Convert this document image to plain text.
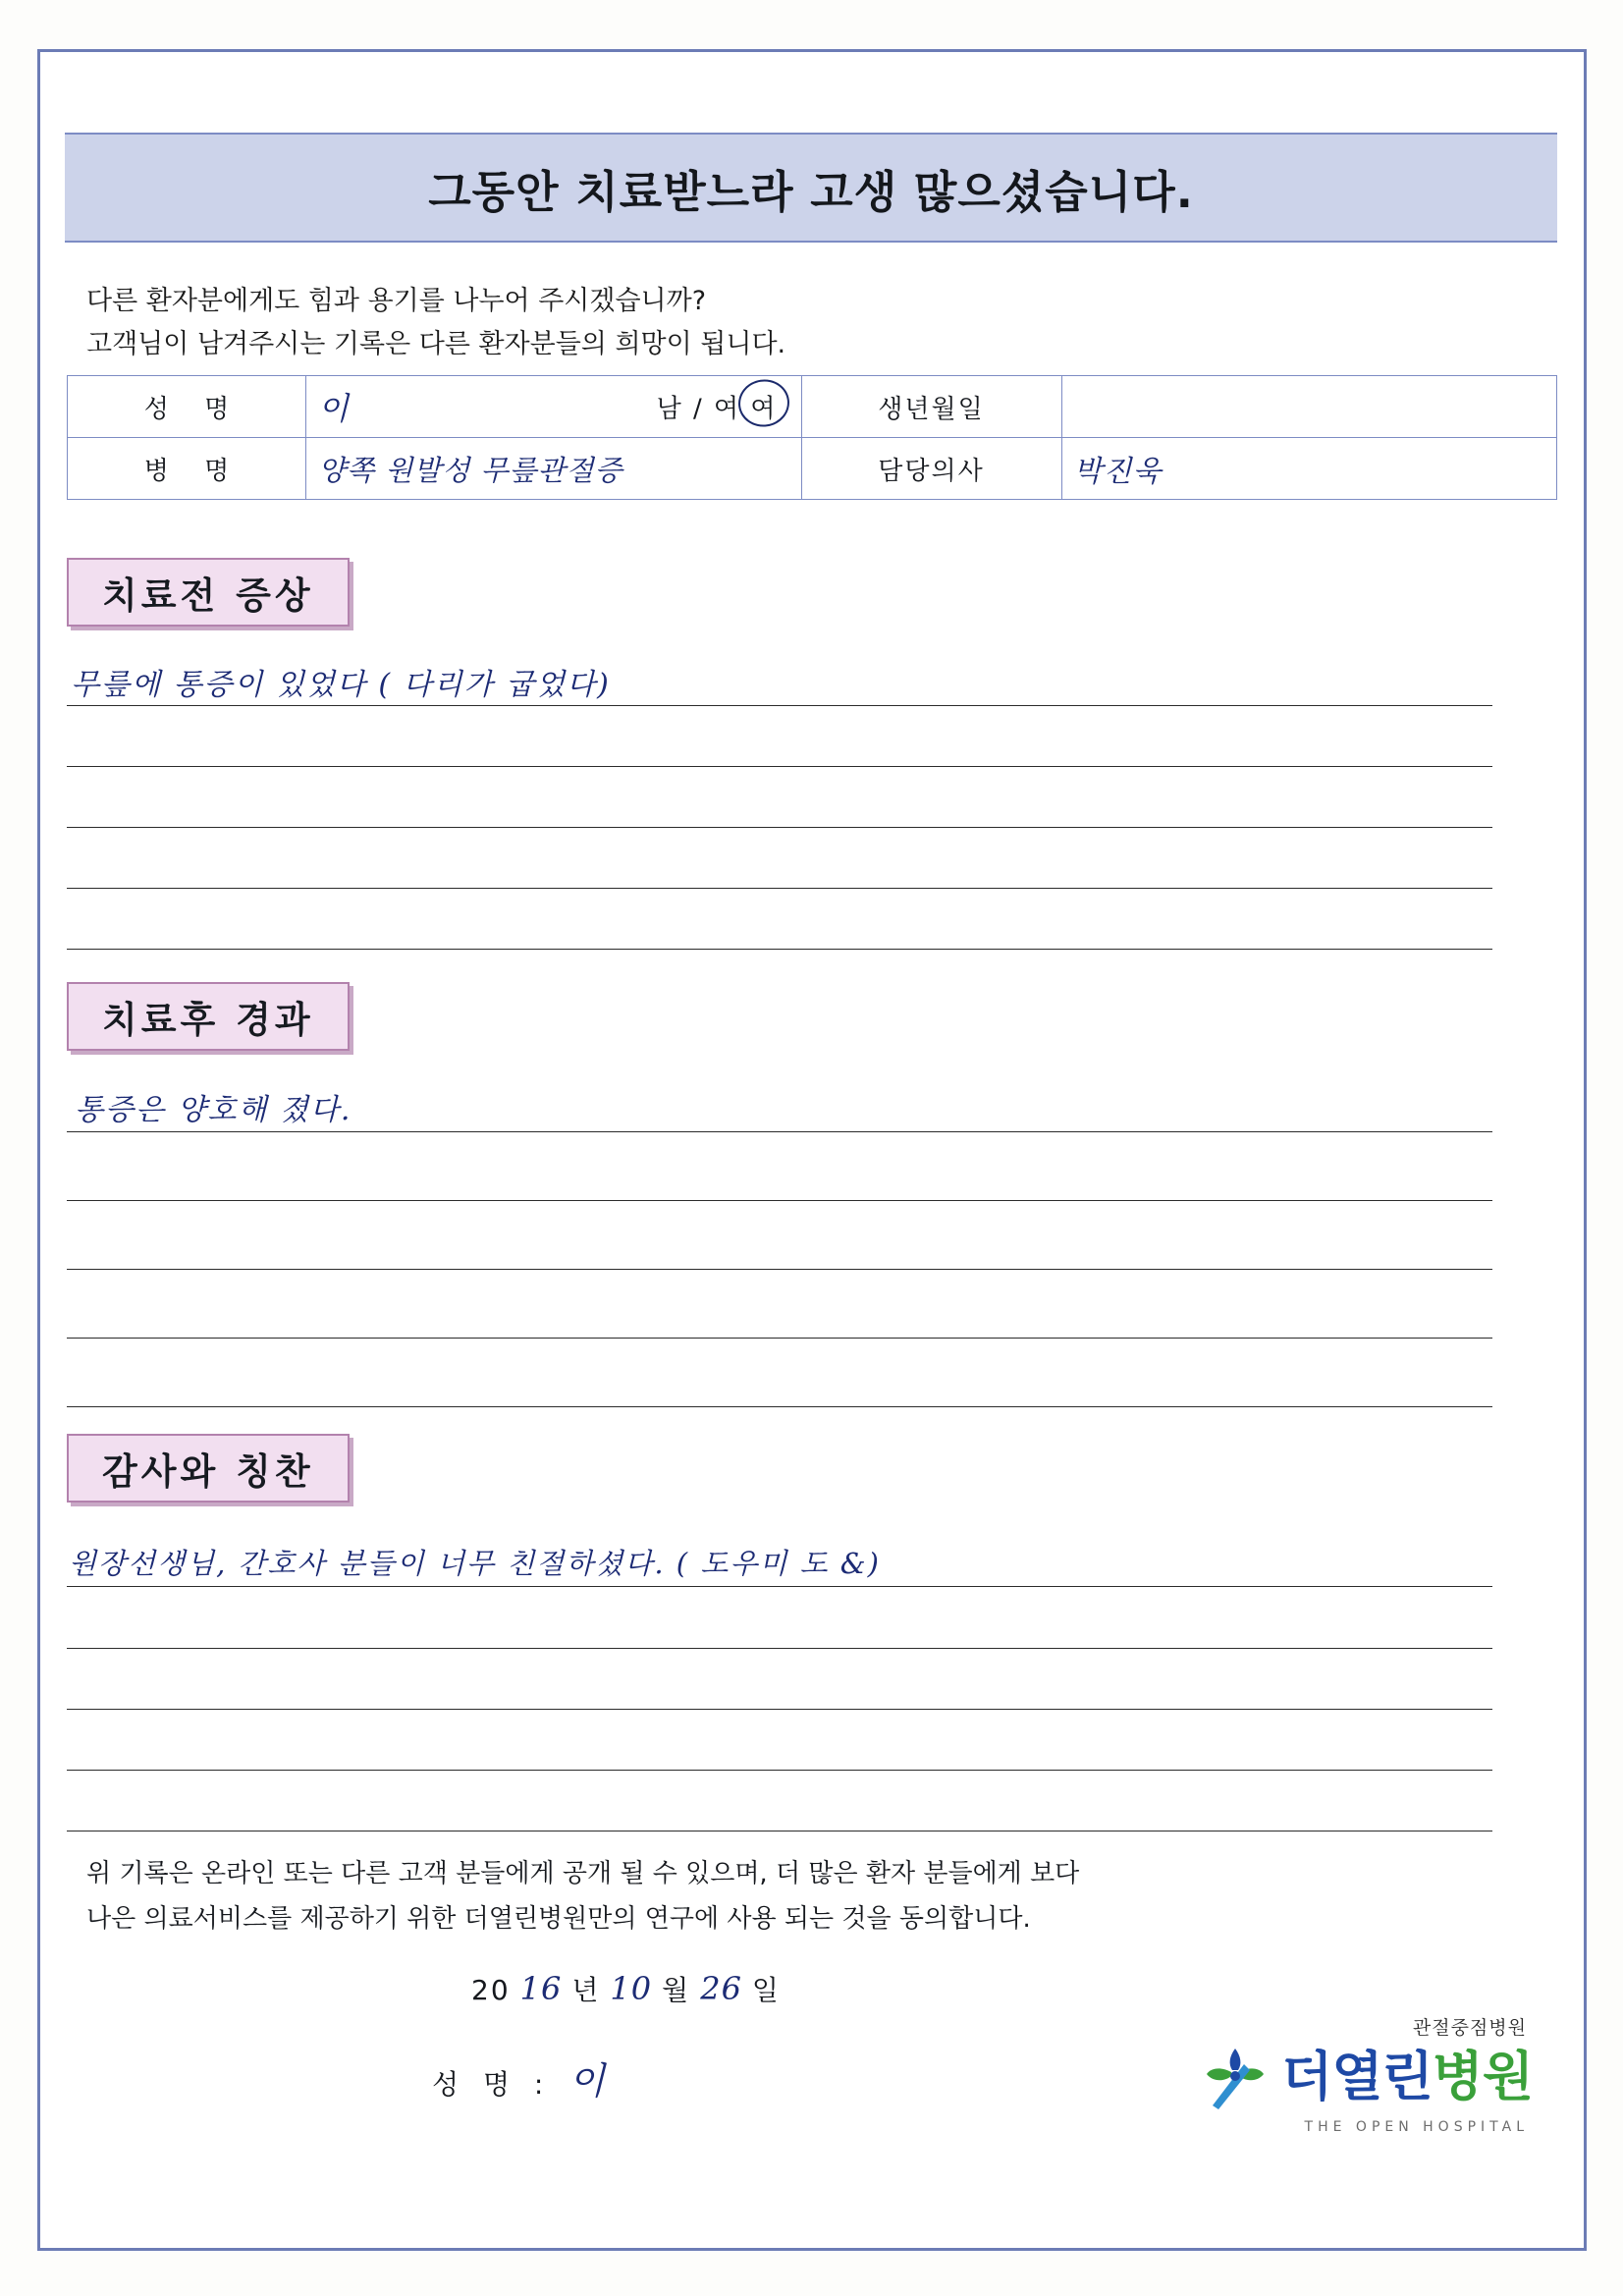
그동안 치료받느라 고생 많으셨습니다.
다른 환자분에게도 힘과 용기를 나누어 주시겠습니까?
고객님이 남겨주시는 기록은 다른 환자분들의 희망이 됩니다.
성 명	이 남 / 여 여	생년월일	
병 명	양쪽 원발성 무릎관절증	담당의사	박진욱
치료전 증상
무릎에 통증이 있었다 ( 다리가 굽었다)
치료후 경과
통증은 양호해 졌다.
감사와 칭찬
원장선생님, 간호사 분들이 너무 친절하셨다. ( 도우미 도 &)
위 기록은 온라인 또는 다른 고객 분들에게 공개 될 수 있으며, 더 많은 환자 분들에게 보다
나은 의료서비스를 제공하기 위한 더열린병원만의 연구에 사용 되는 것을 동의합니다.
20 16 년 10 월 26 일
성 명 : 이
관절중점병원
더열린병원
THE OPEN HOSPITAL
